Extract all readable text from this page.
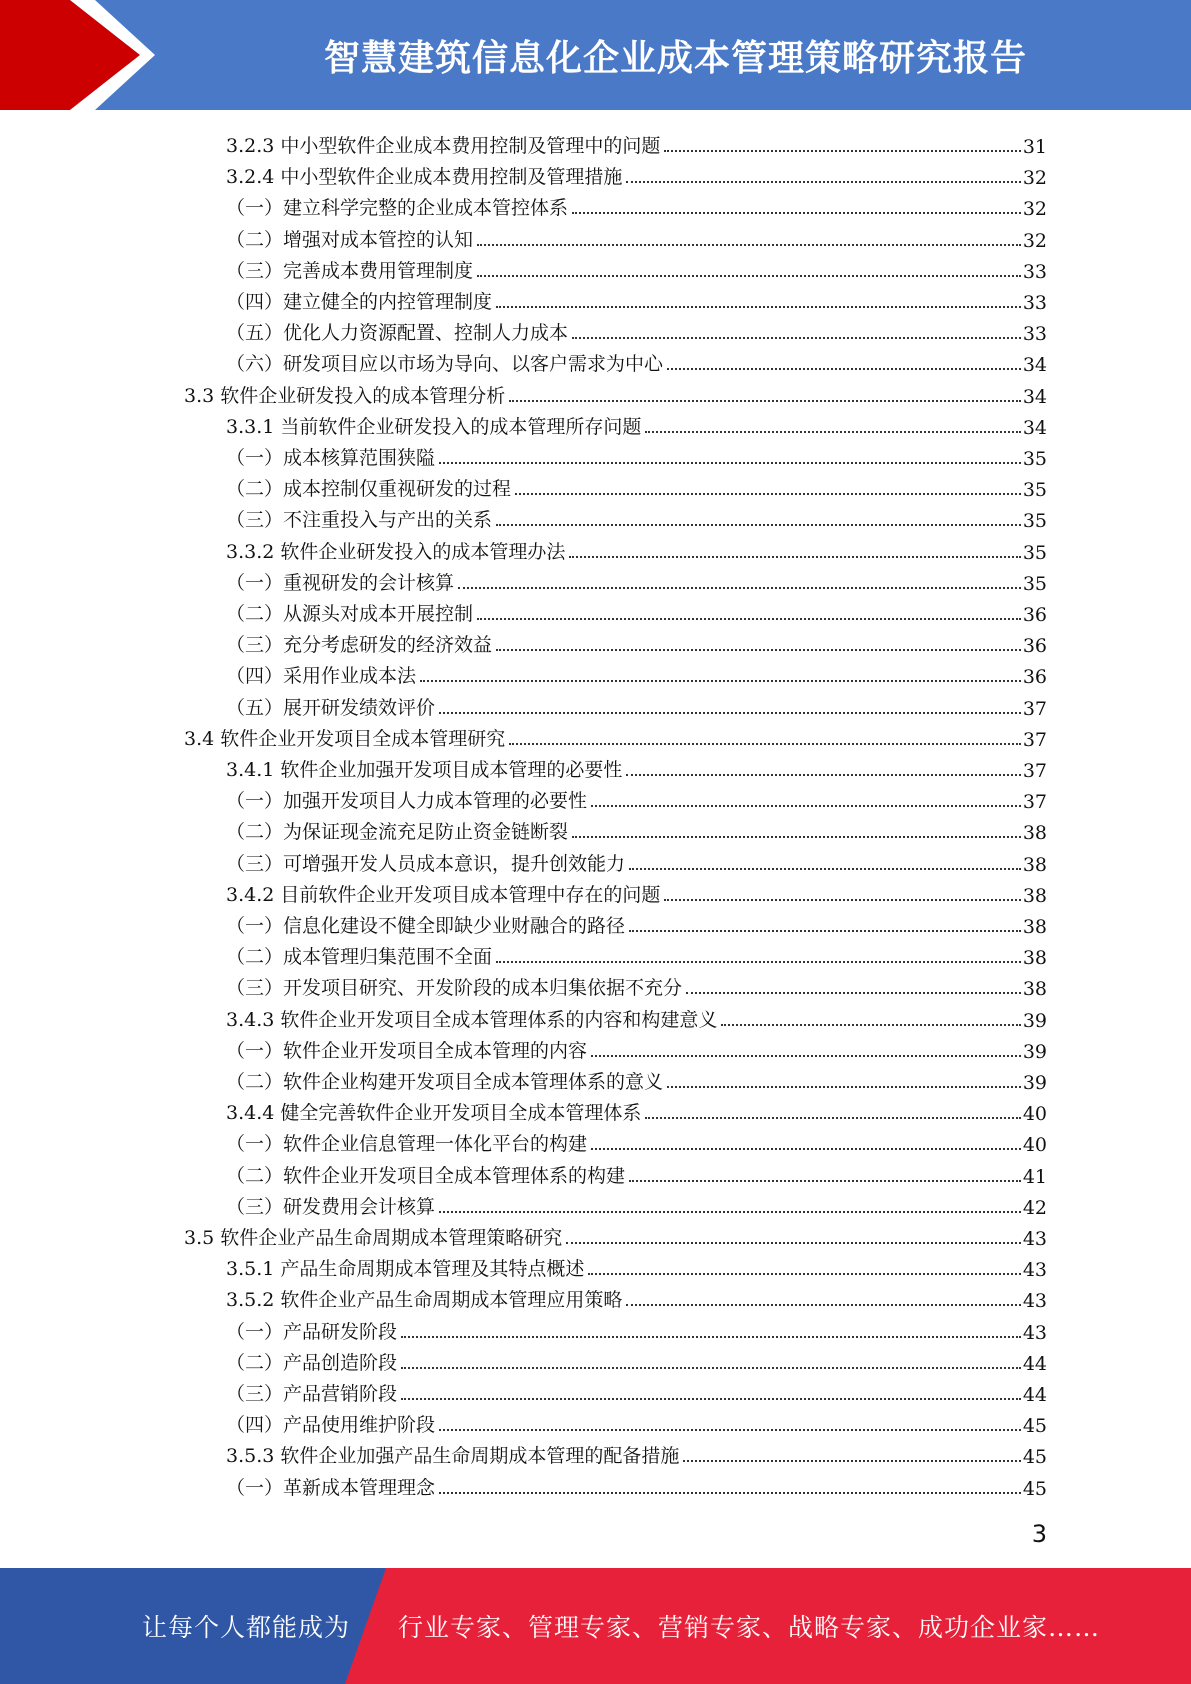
智慧建筑信息化企业成本管理策略研究报告
3.2.3 中小型软件企业成本费用控制及管理中的问题	31
3.2.4 中小型软件企业成本费用控制及管理措施	32
（一）建立科学完整的企业成本管控体系	32
（二）增强对成本管控的认知	32
（三）完善成本费用管理制度	33
（四）建立健全的内控管理制度	33
（五）优化人力资源配置、控制人力成本	33
（六）研发项目应以市场为导向、以客户需求为中心	34
3.3 软件企业研发投入的成本管理分析	34
3.3.1 当前软件企业研发投入的成本管理所存问题	34
（一）成本核算范围狭隘	35
（二）成本控制仅重视研发的过程	35
（三）不注重投入与产出的关系	35
3.3.2 软件企业研发投入的成本管理办法	35
（一）重视研发的会计核算	35
（二）从源头对成本开展控制	36
（三）充分考虑研发的经济效益	36
（四）采用作业成本法	36
（五）展开研发绩效评价	37
3.4 软件企业开发项目全成本管理研究	37
3.4.1 软件企业加强开发项目成本管理的必要性	37
（一）加强开发项目人力成本管理的必要性	37
（二）为保证现金流充足防止资金链断裂	38
（三）可增强开发人员成本意识，提升创效能力	38
3.4.2 目前软件企业开发项目成本管理中存在的问题	38
（一）信息化建设不健全即缺少业财融合的路径	38
（二）成本管理归集范围不全面	38
（三）开发项目研究、开发阶段的成本归集依据不充分	38
3.4.3 软件企业开发项目全成本管理体系的内容和构建意义	39
（一）软件企业开发项目全成本管理的内容	39
（二）软件企业构建开发项目全成本管理体系的意义	39
3.4.4 健全完善软件企业开发项目全成本管理体系	40
（一）软件企业信息管理一体化平台的构建	40
（二）软件企业开发项目全成本管理体系的构建	41
（三）研发费用会计核算	42
3.5 软件企业产品生命周期成本管理策略研究	43
3.5.1 产品生命周期成本管理及其特点概述	43
3.5.2 软件企业产品生命周期成本管理应用策略	43
（一）产品研发阶段	43
（二）产品创造阶段	44
（三）产品营销阶段	44
（四）产品使用维护阶段	45
3.5.3 软件企业加强产品生命周期成本管理的配备措施	45
（一）革新成本管理理念	45
3
让每个人都能成为 行业专家、管理专家、营销专家、战略专家、成功企业家……
